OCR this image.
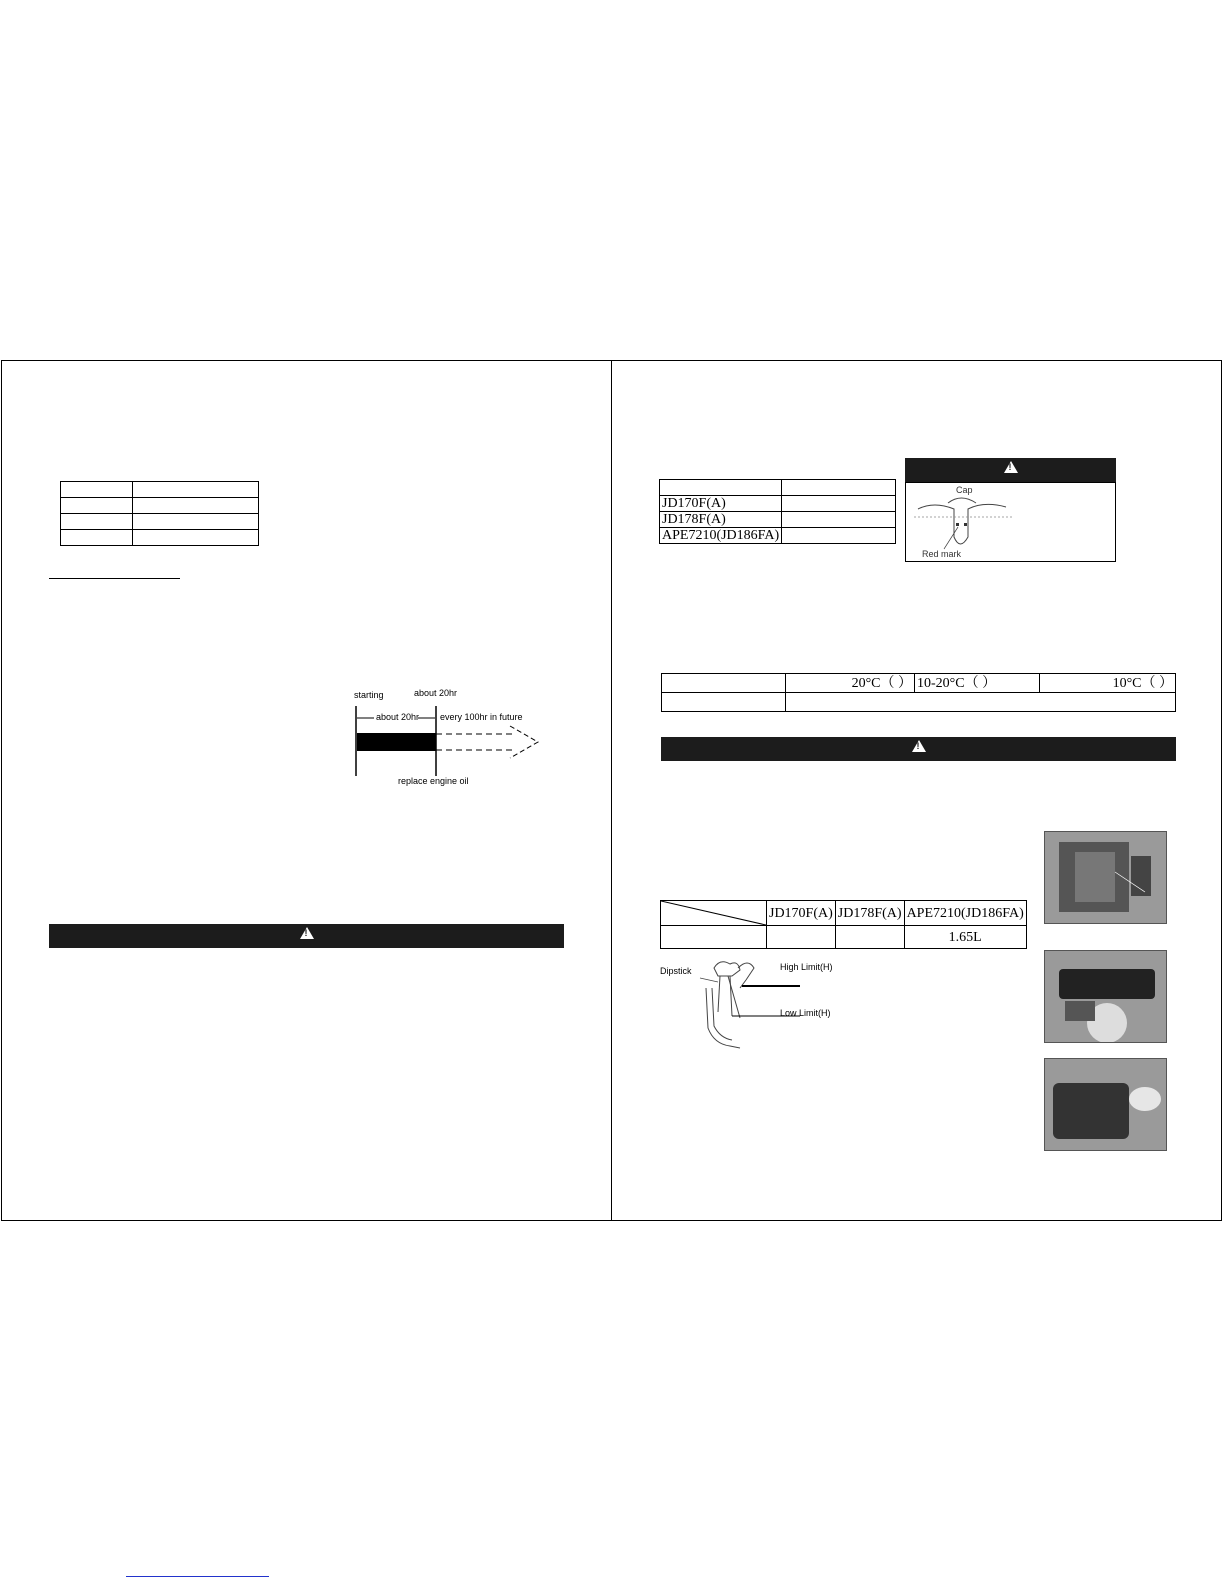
starting	about 20hr
about 20hr every 100hr in future
replace engine oil
!

JD170F(A)	
JD178F(A)	
APE7210(JD186FA)	
!
Cap
Red mark
	20°C（ ）	10-20°C（ ）	10°C（ ）

!
	JD170F(A)	JD178F(A)	APE7210(JD186FA)
			1.65L
Dipstick	High Limit(H)
Low Limit(H)
